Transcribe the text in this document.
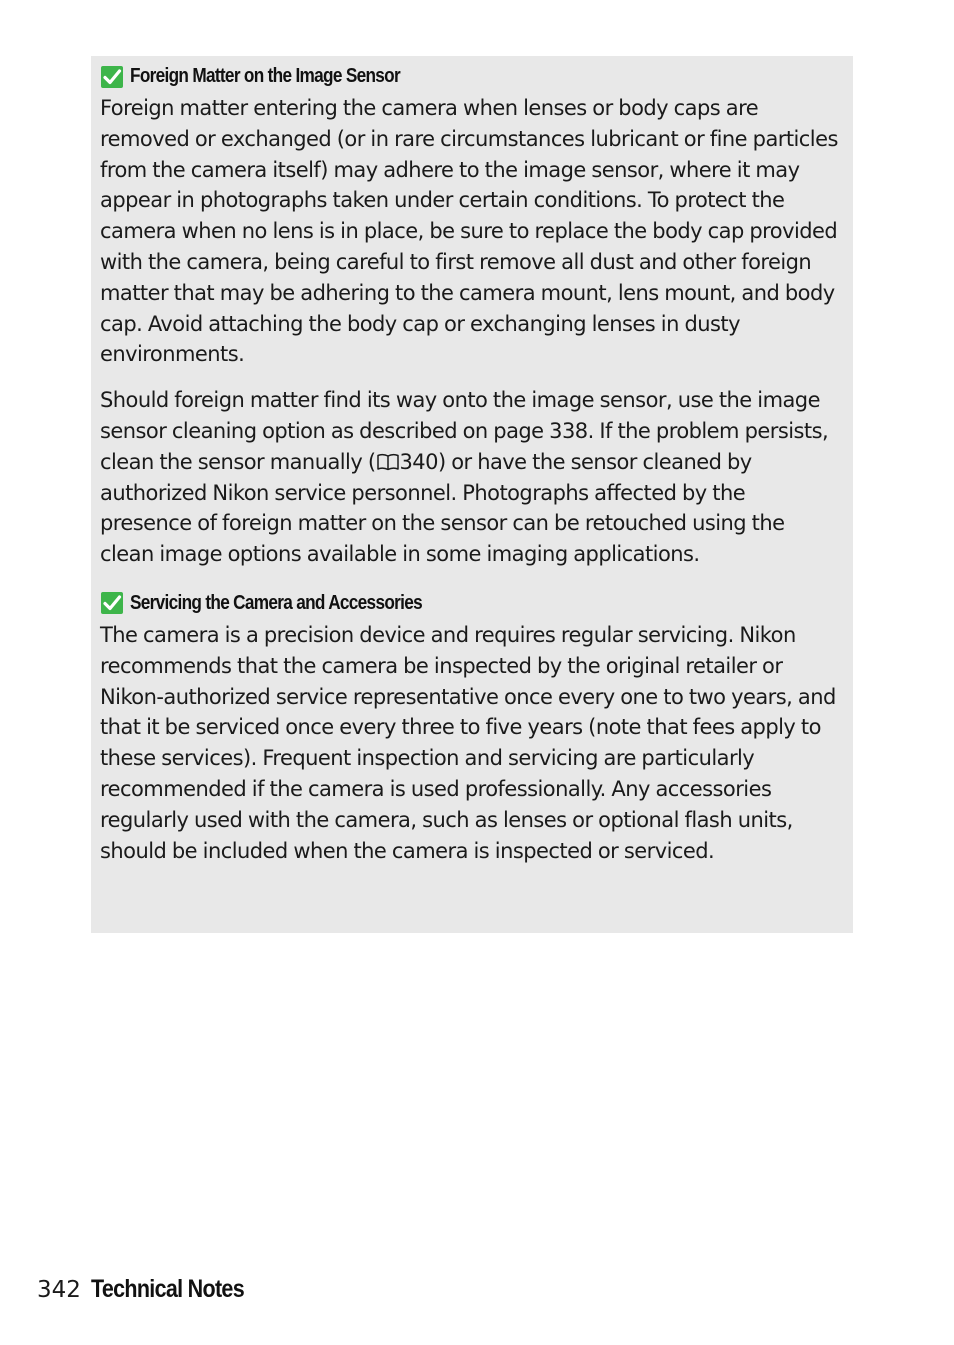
Foreign Matter on the Image Sensor

Foreign matter entering the camera when lenses or body caps are removed or exchanged (or in rare circumstances lubricant or fine particles from the camera itself) may adhere to the image sensor, where it may appear in photographs taken under certain conditions. To protect the camera when no lens is in place, be sure to replace the body cap provided with the camera, being careful to first remove all dust and other foreign matter that may be adhering to the camera mount, lens mount, and body cap. Avoid attaching the body cap or exchanging lenses in dusty environments.

Should foreign matter find its way onto the image sensor, use the image sensor cleaning option as described on page 338. If the problem persists, clean the sensor manually ( 340) or have the sensor cleaned by authorized Nikon service personnel. Photographs affected by the presence of foreign matter on the sensor can be retouched using the clean image options available in some imaging applications.

Servicing the Camera and Accessories

The camera is a precision device and requires regular servicing. Nikon recommends that the camera be inspected by the original retailer or Nikon-authorized service representative once every one to two years, and that it be serviced once every three to five years (note that fees apply to these services). Frequent inspection and servicing are particularly recommended if the camera is used professionally. Any accessories regularly used with the camera, such as lenses or optional flash units, should be included when the camera is inspected or serviced.

342 Technical Notes
